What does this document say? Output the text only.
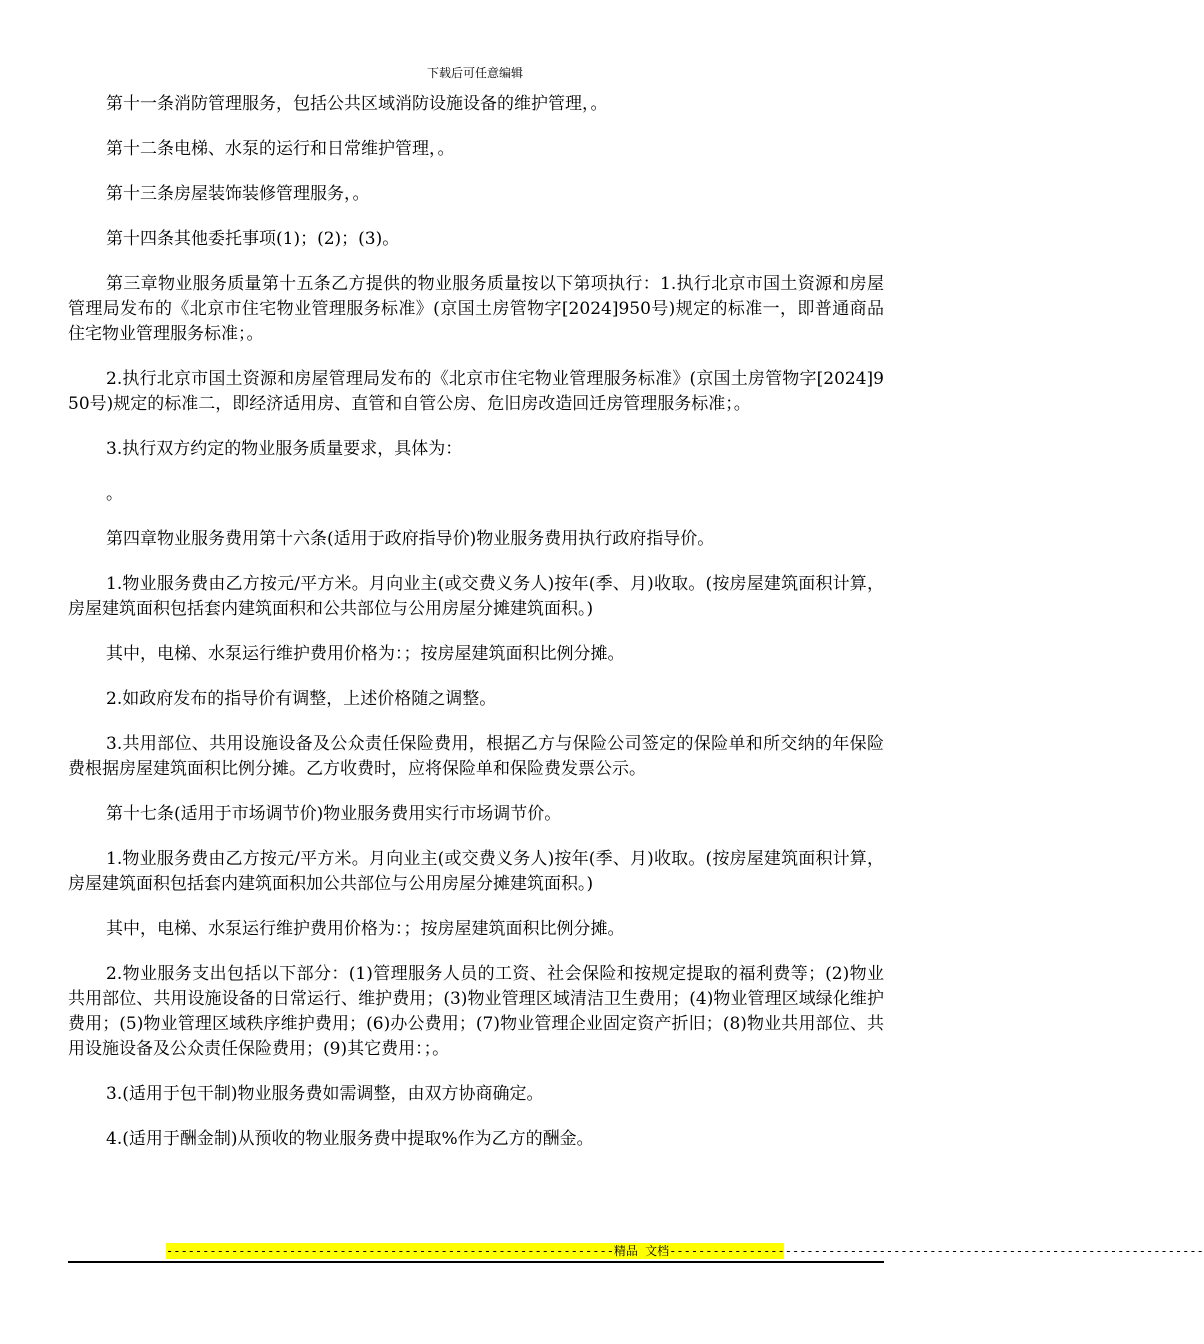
下载后可任意编辑

第十一条消防管理服务，包括公共区域消防设施设备的维护管理，。

第十二条电梯、水泵的运行和日常维护管理，。

第十三条房屋装饰装修管理服务，。

第十四条其他委托事项(1)；(2)；(3)。

第三章物业服务质量第十五条乙方提供的物业服务质量按以下第项执行：1.执行北京市国土资源和房屋管理局发布的《北京市住宅物业管理服务标准》(京国土房管物字[2024]950号)规定的标准一，即普通商品住宅物业管理服务标准；。

2.执行北京市国土资源和房屋管理局发布的《北京市住宅物业管理服务标准》(京国土房管物字[2024]950号)规定的标准二，即经济适用房、直管和自管公房、危旧房改造回迁房管理服务标准；。

3.执行双方约定的物业服务质量要求，具体为：

。

第四章物业服务费用第十六条(适用于政府指导价)物业服务费用执行政府指导价。

1.物业服务费由乙方按元/平方米。月向业主(或交费义务人)按年(季、月)收取。(按房屋建筑面积计算，房屋建筑面积包括套内建筑面积和公共部位与公用房屋分摊建筑面积。)

其中，电梯、水泵运行维护费用价格为：；按房屋建筑面积比例分摊。

2.如政府发布的指导价有调整，上述价格随之调整。

3.共用部位、共用设施设备及公众责任保险费用，根据乙方与保险公司签定的保险单和所交纳的年保险费根据房屋建筑面积比例分摊。乙方收费时，应将保险单和保险费发票公示。

第十七条(适用于市场调节价)物业服务费用实行市场调节价。

1.物业服务费由乙方按元/平方米。月向业主(或交费义务人)按年(季、月)收取。(按房屋建筑面积计算，房屋建筑面积包括套内建筑面积加公共部位与公用房屋分摊建筑面积。)

其中，电梯、水泵运行维护费用价格为：；按房屋建筑面积比例分摊。

2.物业服务支出包括以下部分：(1)管理服务人员的工资、社会保险和按规定提取的福利费等；(2)物业共用部位、共用设施设备的日常运行、维护费用；(3)物业管理区域清洁卫生费用；(4)物业管理区域绿化维护费用；(5)物业管理区域秩序维护费用；(6)办公费用；(7)物业管理企业固定资产折旧；(8)物业共用部位、共用设施设备及公众责任保险费用；(9)其它费用：；。

3.(适用于包干制)物业服务费如需调整，由双方协商确定。

4.(适用于酬金制)从预收的物业服务费中提取%作为乙方的酬金。

--------------------------------------------------------------精品 文档--------------------------------------------------------------------------
